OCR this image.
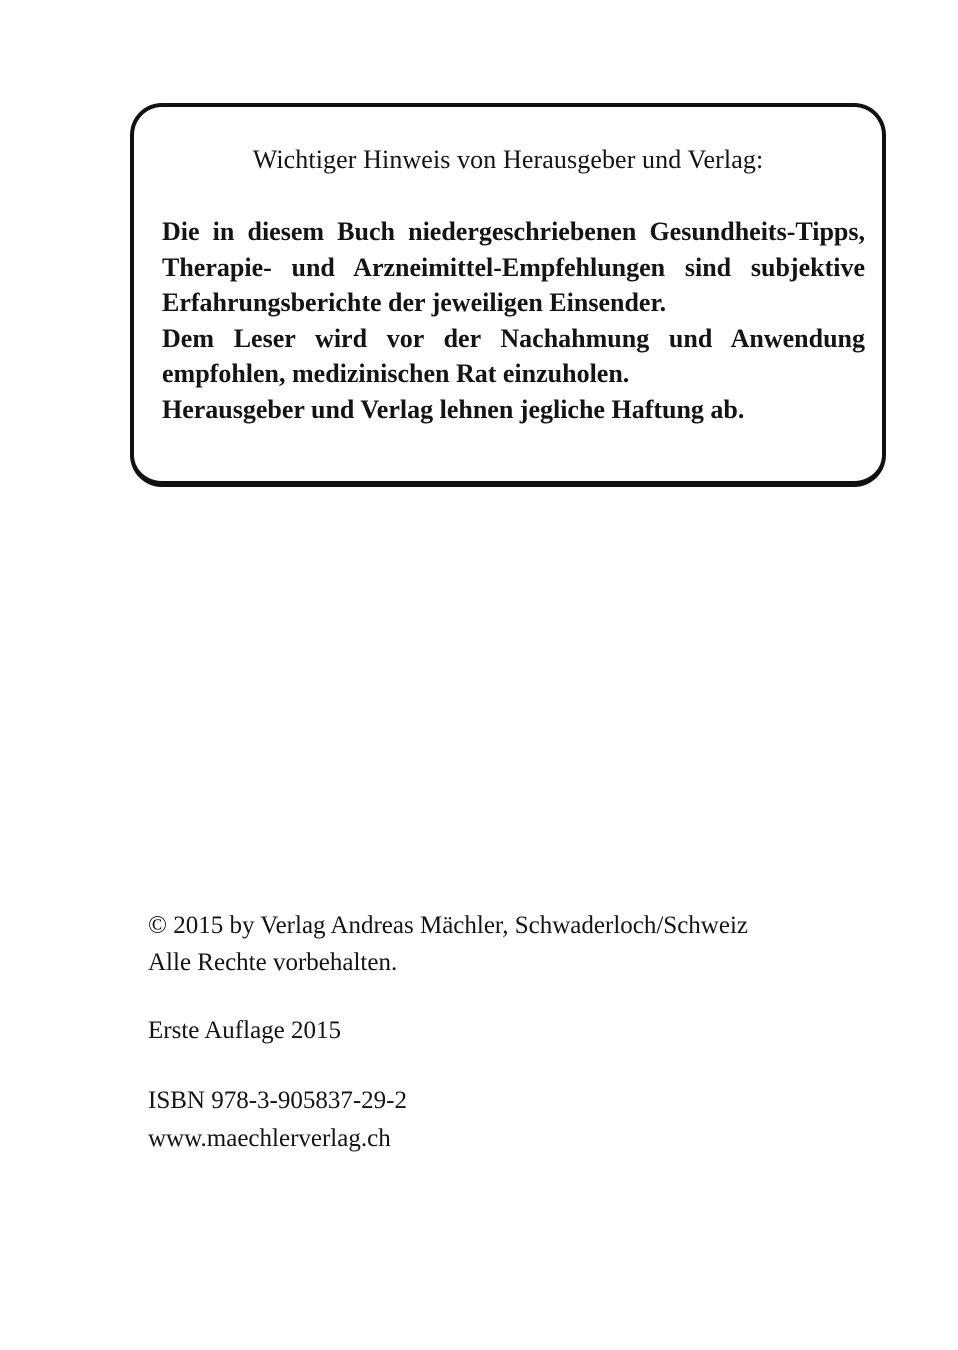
Wichtiger Hinweis von Herausgeber und Verlag:
Die in diesem Buch niedergeschriebenen Gesundheits-Tipps,
Therapie- und Arzneimittel-Empfehlungen sind subjektive
Erfahrungsberichte der jeweiligen Einsender.
Dem Leser wird vor der Nachahmung und Anwendung
empfohlen, medizinischen Rat einzuholen.
Herausgeber und Verlag lehnen jegliche Haftung ab.
© 2015 by Verlag Andreas Mächler, Schwaderloch/Schweiz
Alle Rechte vorbehalten.
Erste Auflage 2015
ISBN 978-3-905837-29-2
www.maechlerverlag.ch
